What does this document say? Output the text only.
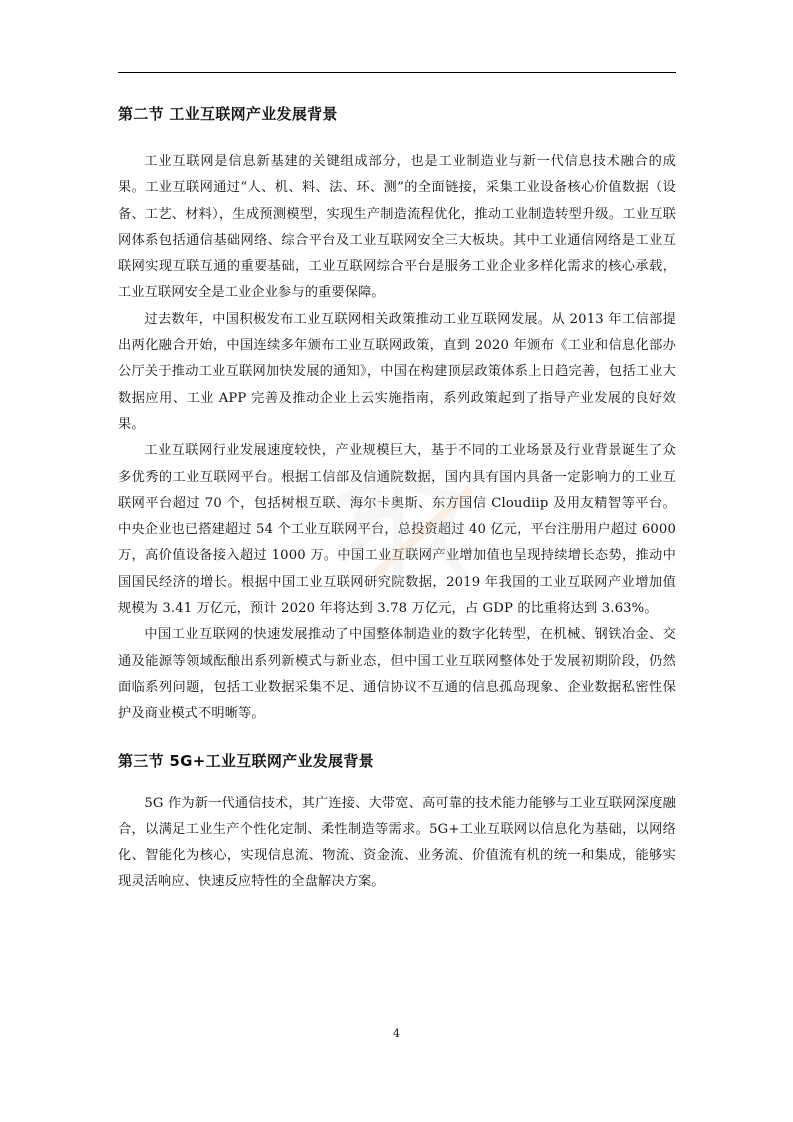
第二节 工业互联网产业发展背景

工业互联网是信息新基建的关键组成部分，也是工业制造业与新一代信息技术融合的成果。工业互联网通过“人、机、料、法、环、测”的全面链接，采集工业设备核心价值数据（设备、工艺、材料），生成预测模型，实现生产制造流程优化，推动工业制造转型升级。工业互联网体系包括通信基础网络、综合平台及工业互联网安全三大板块。其中工业通信网络是工业互联网实现互联互通的重要基础，工业互联网综合平台是服务工业企业多样化需求的核心承载，工业互联网安全是工业企业参与的重要保障。

过去数年，中国积极发布工业互联网相关政策推动工业互联网发展。从 2013 年工信部提出两化融合开始，中国连续多年颁布工业互联网政策，直到 2020 年颁布《工业和信息化部办公厅关于推动工业互联网加快发展的通知》，中国在构建顶层政策体系上日趋完善，包括工业大数据应用、工业 APP 完善及推动企业上云实施指南，系列政策起到了指导产业发展的良好效果。

工业互联网行业发展速度较快，产业规模巨大，基于不同的工业场景及行业背景诞生了众多优秀的工业互联网平台。根据工信部及信通院数据，国内具有国内具备一定影响力的工业互联网平台超过 70 个，包括树根互联、海尔卡奥斯、东方国信 Cloudiip 及用友精智等平台。中央企业也已搭建超过 54 个工业互联网平台，总投资超过 40 亿元，平台注册用户超过 6000 万，高价值设备接入超过 1000 万。中国工业互联网产业增加值也呈现持续增长态势，推动中国国民经济的增长。根据中国工业互联网研究院数据，2019 年我国的工业互联网产业增加值规模为 3.41 万亿元，预计 2020 年将达到 3.78 万亿元，占 GDP 的比重将达到 3.63%。

中国工业互联网的快速发展推动了中国整体制造业的数字化转型，在机械、钢铁冶金、交通及能源等领域酝酿出系列新模式与新业态，但中国工业互联网整体处于发展初期阶段，仍然面临系列问题，包括工业数据采集不足、通信协议不互通的信息孤岛现象、企业数据私密性保护及商业模式不明晰等。

第三节 5G+工业互联网产业发展背景

5G 作为新一代通信技术，其广连接、大带宽、高可靠的技术能力能够与工业互联网深度融合，以满足工业生产个性化定制、柔性制造等需求。5G+工业互联网以信息化为基础，以网络化、智能化为核心，实现信息流、物流、资金流、业务流、价值流有机的统一和集成，能够实现灵活响应、快速反应特性的全盘解决方案。

4
